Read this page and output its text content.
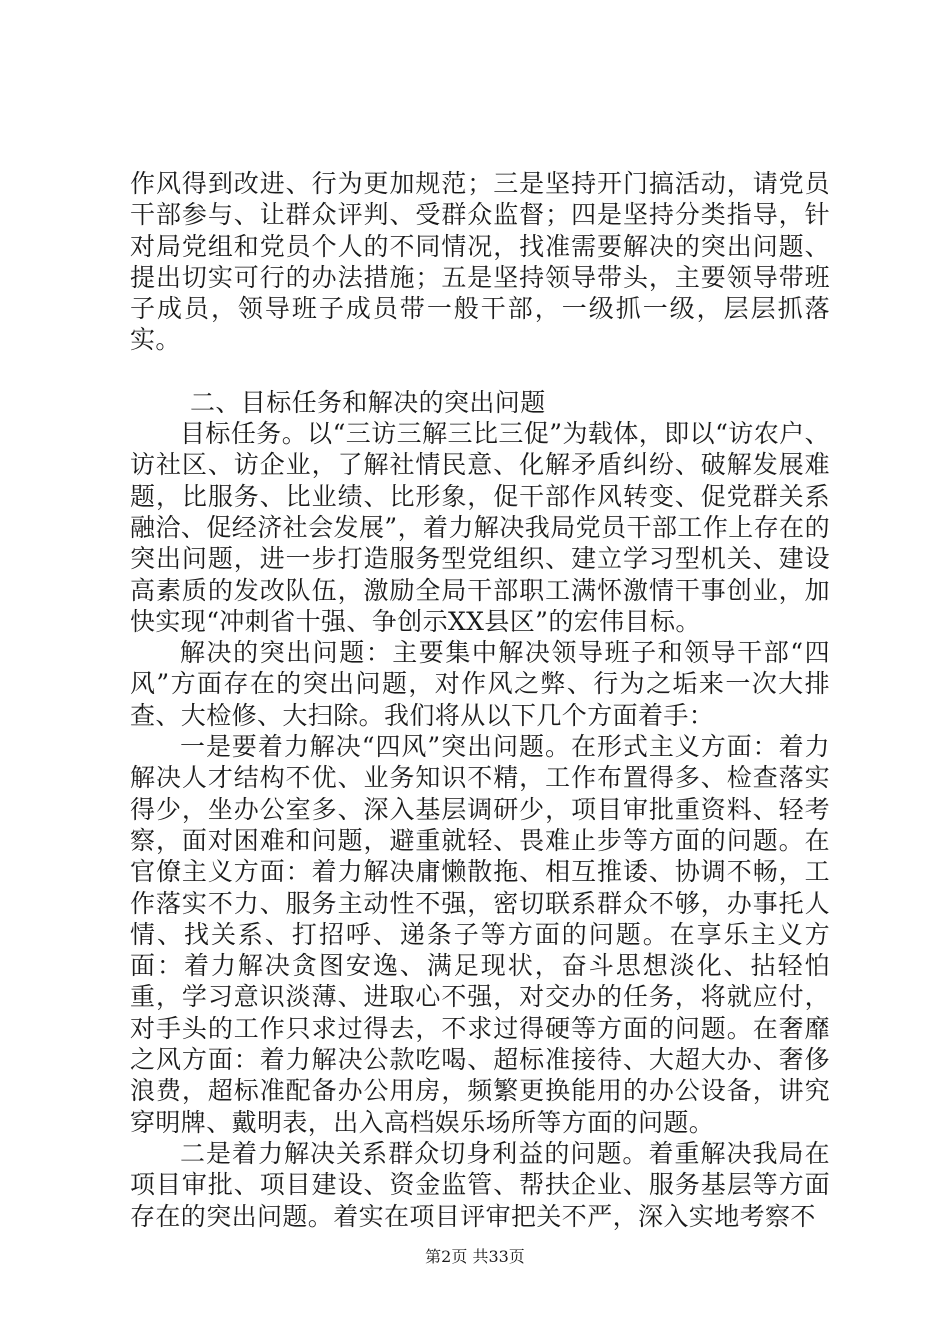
作风得到改进、行为更加规范；三是坚持开门搞活动，请党员干部参与、让群众评判、受群众监督；四是坚持分类指导，针对局党组和党员个人的不同情况，找准需要解决的突出问题、提出切实可行的办法措施；五是坚持领导带头，主要领导带班子成员，领导班子成员带一般干部，一级抓一级，层层抓落实。

二、目标任务和解决的突出问题

目标任务。以“三访三解三比三促”为载体，即以“访农户、访社区、访企业，了解社情民意、化解矛盾纠纷、破解发展难题，比服务、比业绩、比形象，促干部作风转变、促党群关系融洽、促经济社会发展”，着力解决我局党员干部工作上存在的突出问题，进一步打造服务型党组织、建立学习型机关、建设高素质的发改队伍，激励全局干部职工满怀激情干事创业，加快实现“冲刺省十强、争创示XX县区”的宏伟目标。

解决的突出问题：主要集中解决领导班子和领导干部“四风”方面存在的突出问题，对作风之弊、行为之垢来一次大排查、大检修、大扫除。我们将从以下几个方面着手：

一是要着力解决“四风”突出问题。在形式主义方面：着力解决人才结构不优、业务知识不精，工作布置得多、检查落实得少，坐办公室多、深入基层调研少，项目审批重资料、轻考察，面对困难和问题，避重就轻、畏难止步等方面的问题。在官僚主义方面：着力解决庸懒散拖、相互推诿、协调不畅，工作落实不力、服务主动性不强，密切联系群众不够，办事托人情、找关系、打招呼、递条子等方面的问题。在享乐主义方面：着力解决贪图安逸、满足现状，奋斗思想淡化、拈轻怕重，学习意识淡薄、进取心不强，对交办的任务，将就应付，对手头的工作只求过得去，不求过得硬等方面的问题。在奢靡之风方面：着力解决公款吃喝、超标准接待、大超大办、奢侈浪费，超标准配备办公用房，频繁更换能用的办公设备，讲究穿明牌、戴明表，出入高档娱乐场所等方面的问题。

二是着力解决关系群众切身利益的问题。着重解决我局在项目审批、项目建设、资金监管、帮扶企业、服务基层等方面存在的突出问题。着实在项目评审把关不严，深入实地考察不

第2页 共33页
